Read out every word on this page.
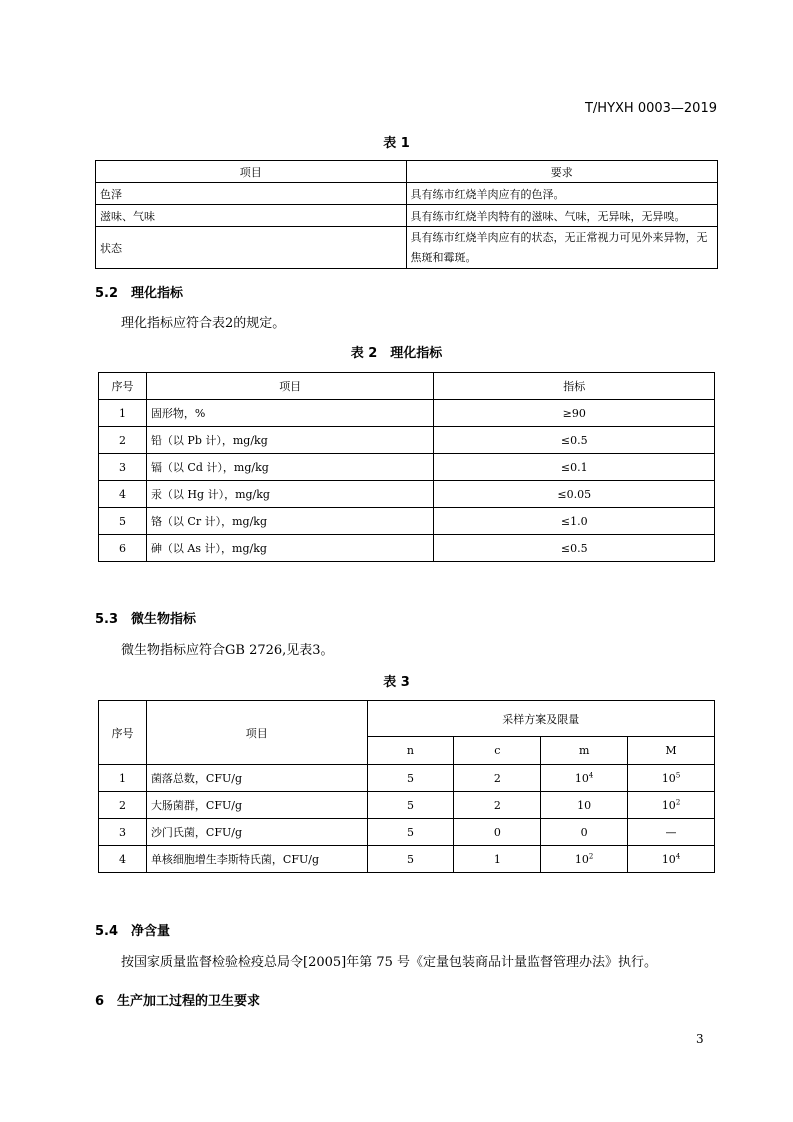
T/HYXH 0003—2019
表 1
项目	要求
色泽	具有练市红烧羊肉应有的色泽。
滋味、气味	具有练市红烧羊肉特有的滋味、气味，无异味，无异嗅。
状态	具有练市红烧羊肉应有的状态，无正常视力可见外来异物，无焦斑和霉斑。
5.2　理化指标
理化指标应符合表2的规定。
表 2　理化指标
序号	项目	指标
1	固形物，%	≥90
2	铅（以 Pb 计），mg/kg	≤0.5
3	镉（以 Cd 计），mg/kg	≤0.1
4	汞（以 Hg 计），mg/kg	≤0.05
5	铬（以 Cr 计），mg/kg	≤1.0
6	砷（以 As 计），mg/kg	≤0.5
5.3　微生物指标
微生物指标应符合GB 2726,见表3。
表 3
序号	项目	采样方案及限量			
		n	c	m	M
1	菌落总数，CFU/g	5	2	$10^4$	$10^5$
2	大肠菌群，CFU/g	5	2	10	$10^2$
3	沙门氏菌，CFU/g	5	0	0	—
4	单核细胞增生李斯特氏菌，CFU/g	5	1	$10^2$	$10^4$
5.4　净含量
按国家质量监督检验检疫总局令[2005]年第 75 号《定量包装商品计量监督管理办法》执行。
6　生产加工过程的卫生要求
3
